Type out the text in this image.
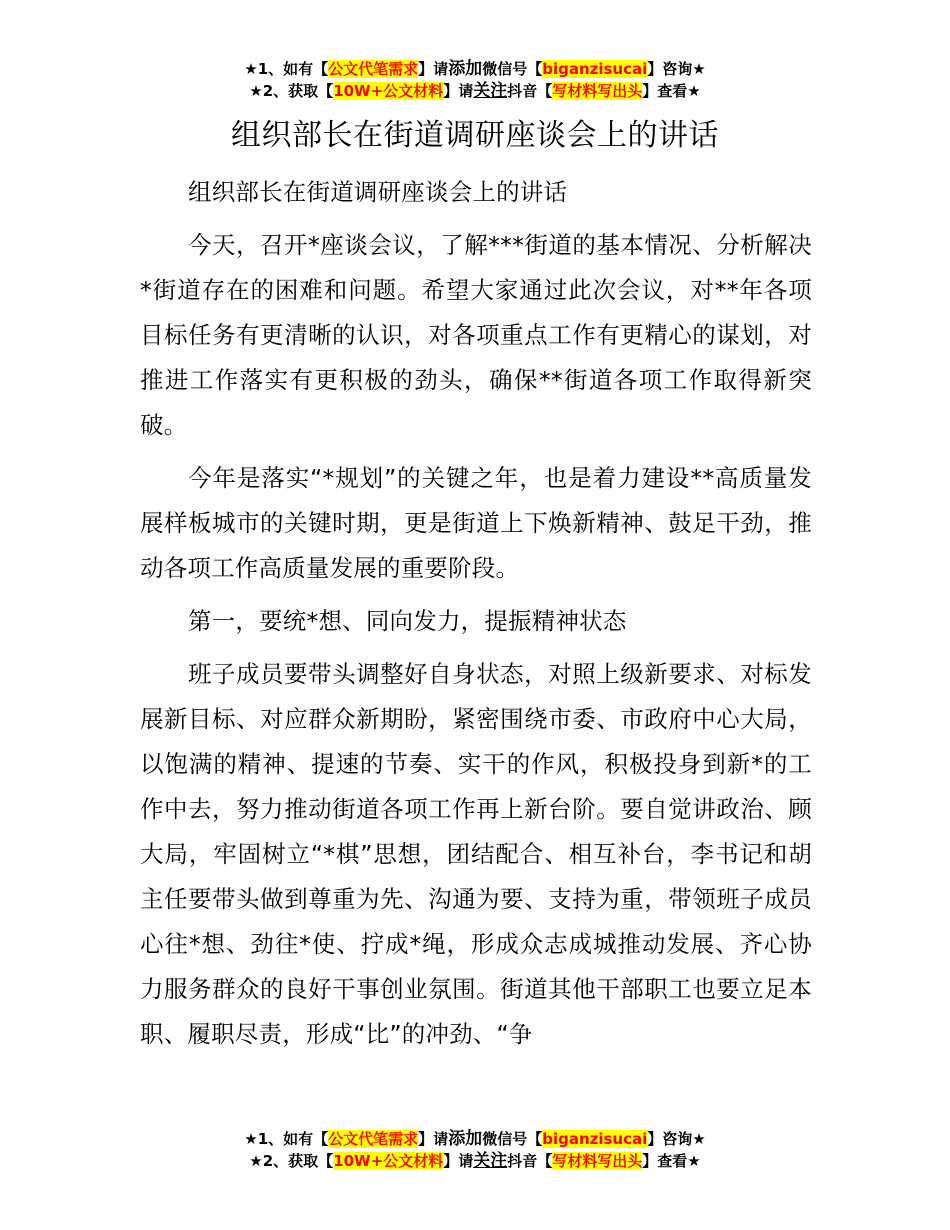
★1、如有【公文代笔需求】请添加微信号【biganzisucai】咨询★
★2、获取【10W+公文材料】请关注抖音【写材料写出头】查看★
组织部长在街道调研座谈会上的讲话

组织部长在街道调研座谈会上的讲话

今天，召开*座谈会议，了解***街道的基本情况、分析解决*街道存在的困难和问题。希望大家通过此次会议，对**年各项目标任务有更清晰的认识，对各项重点工作有更精心的谋划，对推进工作落实有更积极的劲头，确保**街道各项工作取得新突破。

今年是落实“*规划”的关键之年，也是着力建设**高质量发展样板城市的关键时期，更是街道上下焕新精神、鼓足干劲，推动各项工作高质量发展的重要阶段。

第一，要统*想、同向发力，提振精神状态

班子成员要带头调整好自身状态，对照上级新要求、对标发展新目标、对应群众新期盼，紧密围绕市委、市政府中心大局，以饱满的精神、提速的节奏、实干的作风，积极投身到新*的工作中去，努力推动街道各项工作再上新台阶。要自觉讲政治、顾大局，牢固树立“*棋”思想，团结配合、相互补台，李书记和胡主任要带头做到尊重为先、沟通为要、支持为重，带领班子成员心往*想、劲往*使、拧成*绳，形成众志成城推动发展、齐心协力服务群众的良好干事创业氛围。街道其他干部职工也要立足本职、履职尽责，形成“比”的冲劲、“争

★1、如有【公文代笔需求】请添加微信号【biganzisucai】咨询★
★2、获取【10W+公文材料】请关注抖音【写材料写出头】查看★
